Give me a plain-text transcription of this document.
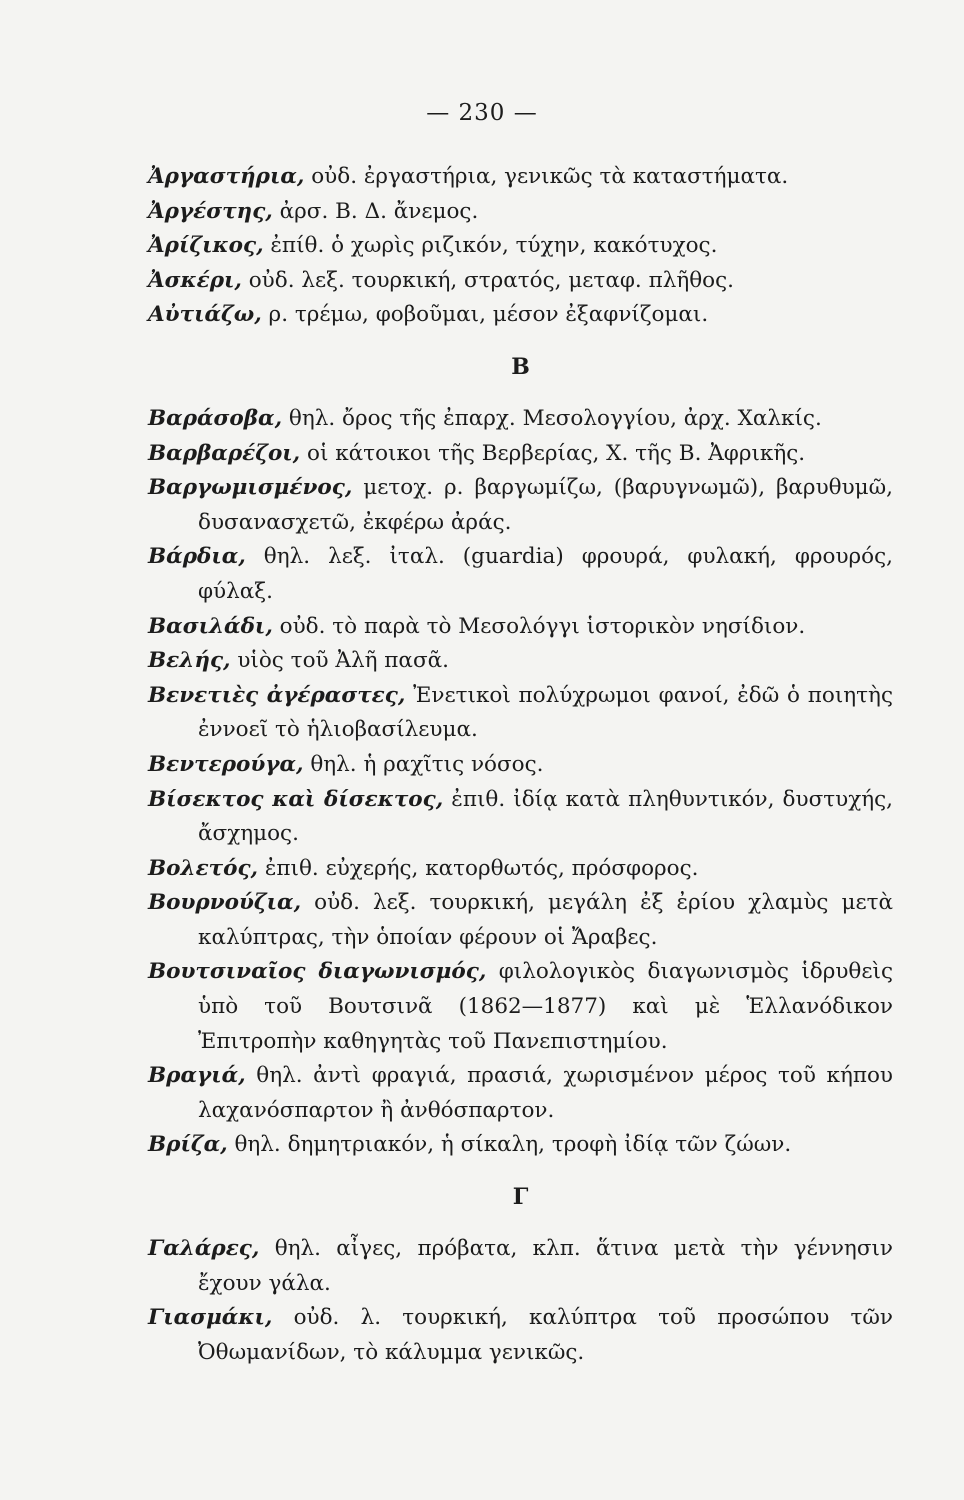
— 230 —
Ἀργαστήρια, οὐδ. ἐργαστήρια, γενικῶς τὰ καταστήματα.
Ἀργέστης, ἀρσ. Β. Δ. ἄνεμος.
Ἀρίζικος, ἐπίθ. ὁ χωρὶς ριζικόν, τύχην, κακότυχος.
Ἀσκέρι, οὐδ. λεξ. τουρκική, στρατός, μεταφ. πλῆθος.
Αὐτιάζω, ρ. τρέμω, φοβοῦμαι, μέσον ἐξαφνίζομαι.
Β
Βαράσοβα, θηλ. ὄρος τῆς ἐπαρχ. Μεσολογγίου, ἀρχ. Χαλκίς.
Βαρβαρέζοι, οἱ κάτοικοι τῆς Βερβερίας, Χ. τῆς Β. Ἀφρικῆς.
Βαργωμισμένος, μετοχ. ρ. βαργωμίζω, (βαρυγνωμῶ), βαρυθυμῶ, δυσανασχετῶ, ἐκφέρω ἀράς.
Βάρδια, θηλ. λεξ. ἰταλ. (guardia) φρουρά, φυλακή, φρουρός, φύλαξ.
Βασιλάδι, οὐδ. τὸ παρὰ τὸ Μεσολόγγι ἱστορικὸν νησίδιον.
Βελής, υἱὸς τοῦ Ἀλῆ πασᾶ.
Βενετιὲς ἀγέραστες, Ἐνετικοὶ πολύχρωμοι φανοί, ἐδῶ ὁ ποιητὴς ἐννοεῖ τὸ ἡλιοβασίλευμα.
Βεντερούγα, θηλ. ἡ ραχῖτις νόσος.
Βίσεκτος καὶ δίσεκτος, ἐπιθ. ἰδίᾳ κατὰ πληθυντικόν, δυστυχής, ἄσχημος.
Βολετός, ἐπιθ. εὐχερής, κατορθωτός, πρόσφορος.
Βουρνούζια, οὐδ. λεξ. τουρκική, μεγάλη ἐξ ἐρίου χλαμὺς μετὰ καλύπτρας, τὴν ὁποίαν φέρουν οἱ Ἄραβες.
Βουτσιναῖος διαγωνισμός, φιλολογικὸς διαγωνισμὸς ἱδρυθεὶς ὑπὸ τοῦ Βουτσινᾶ (1862—1877) καὶ μὲ Ἑλλανόδικον Ἐπιτροπὴν καθηγητὰς τοῦ Πανεπιστημίου.
Βραγιά, θηλ. ἀντὶ φραγιά, πρασιά, χωρισμένον μέρος τοῦ κήπου λαχανόσπαρτον ἢ ἀνθόσπαρτον.
Βρίζα, θηλ. δημητριακόν, ἡ σίκαλη, τροφὴ ἰδίᾳ τῶν ζώων.
Γ
Γαλάρες, θηλ. αἶγες, πρόβατα, κλπ. ἅτινα μετὰ τὴν γέννησιν ἔχουν γάλα.
Γιασμάκι, οὐδ. λ. τουρκική, καλύπτρα τοῦ προσώπου τῶν Ὀθωμανίδων, τὸ κάλυμμα γενικῶς.
